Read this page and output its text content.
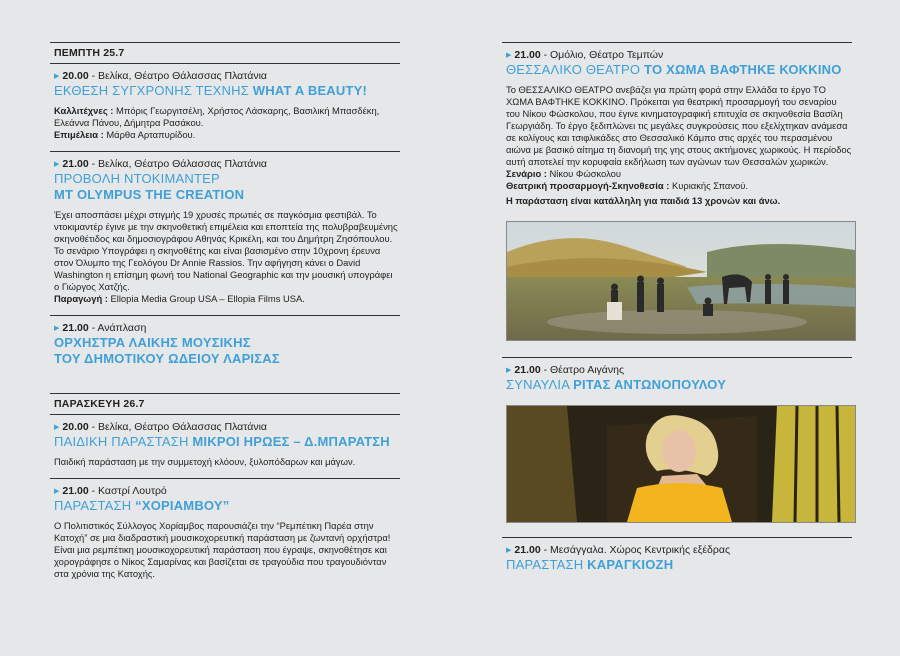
ΠΕΜΠΤΗ 25.7
▶ 20.00 - Βελίκα, Θέατρο Θάλασσας Πλατάνια
ΕΚΘΕΣΗ ΣΥΓΧΡΟΝΗΣ ΤΕΧΝΗΣ WHAT A BEAUTY!

Καλλιτέχνες : Μπόρις Γεωργιτσέλη, Χρήστος Λάσκαρης, Βασιλική Μπασδέκη, Ελεάννα Πάνου, Δήμητρα Ρασάκου.

Επιμέλεια : Μάρθα Αρταπυρίδου.

▶ 21.00 - Βελίκα, Θέατρο Θάλασσας Πλατάνια
ΠΡΟΒΟΛΗ ΝΤΟΚΙΜΑΝΤΕΡ
MT OLYMPUS THE CREATION

Έχει αποσπάσει μέχρι στιγμής 19 χρυσές πρωτιές σε παγκόσμια φεστιβάλ. Το ντοκιμαντέρ έγινε με την σκηνοθετική επιμέλεια και εποπτεία της πολυβραβευμένης σκηνοθέτιδος και δημοσιογράφου Αθηνάς Κρικέλη, και του Δημήτρη Ζησόπουλου. Το σενάριο Υπογράφει η σκηνοθέτης και είναι βασισμένο στην 10χρονη έρευνα στον Όλυμπο της Γεολόγου Dr Annie Rassios. Την αφήγηση κάνει ο David Washington η επίσημη φωνή του National Geographic και την μουσική υπογράφει ο Γιώργος Χατζής.

Παραγωγή : Ellopia Media Group USA – Ellopia Films USA.

▶ 21.00 - Ανάπλαση
ΟΡΧΗΣΤΡΑ ΛΑΙΚΗΣ ΜΟΥΣΙΚΗΣ
ΤΟΥ ΔΗΜΟΤΙΚΟΥ ΩΔΕΙΟΥ ΛΑΡΙΣΑΣ
ΠΑΡΑΣΚΕΥΗ 26.7
▶ 20.00 - Βελίκα, Θέατρο Θάλασσας Πλατάνια
ΠΑΙΔΙΚΗ ΠΑΡΑΣΤΑΣΗ ΜΙΚΡΟΙ ΗΡΩΕΣ – Δ.ΜΠΑΡΑΤΣΗ

Παιδική παράσταση με την συμμετοχή κλόουν, ξυλοπόδαρων και μάγων.

▶ 21.00 - Καστρί Λουτρό
ΠΑΡΑΣΤΑΣΗ “ΧΟΡΙΑΜΒΟΥ”

Ο Πολιτιστικός Σύλλογος Χορίαμβος παρουσιάζει την “Ρεμπέτικη Παρέα στην Κατοχή” σε μια διαδραστική μουσικοχορευτική παράσταση με ζωντανή ορχήστρα! Είναι μια ρεμπέτικη μουσικοχορευτική παράσταση που έγραψε, σκηνοθέτησε και χορογράφησε ο Νίκος Σαμαρίνας και βασίζεται σε τραγούδια που τραγουδιόνταν στα χρόνια της Κατοχής.

▶ 21.00 - Ομόλιο, Θέατρο Τεμπών
ΘΕΣΣΑΛΙΚΟ ΘΕΑΤΡΟ ΤΟ ΧΩΜΑ ΒΑΦΤΗΚΕ ΚΟΚΚΙΝΟ

Το ΘΕΣΣΑΛΙΚΟ ΘΕΑΤΡΟ ανεβάζει για πρώτη φορά στην Ελλάδα το έργο ΤΟ ΧΩΜΑ ΒΑΦΤΗΚΕ ΚΟΚΚΙΝΟ. Πρόκειται για θεατρική προσαρμογή του σεναρίου του Νίκου Φώσκολου, που έγινε κινηματογραφική επιτυχία σε σκηνοθεσία Βασίλη Γεωργιάδη. Το έργο ξεδιπλώνει τις μεγάλες συγκρούσεις που εξελίχτηκαν ανάμεσα σε κολίγους και τσιφλικάδες στο Θεσσαλικό Κάμπο στις αρχές του περασμένου αιώνα με βασικό αίτημα τη διανομή της γης στους ακτήμονες χωρικούς. Η περίοδος αυτή αποτελεί την κορυφαία εκδήλωση των αγώνων των Θεσσαλών χωρικών.

Σενάριο : Νίκου Φώσκολου

Θεατρική προσαρμογή-Σκηνοθεσία : Κυριακής Σπανού.

Η παράσταση είναι κατάλληλη για παιδιά 13 χρονών και άνω.

▶ 21.00 - Θέατρο Αιγάνης
ΣΥΝΑΥΛΙΑ ΡΙΤΑΣ ΑΝΤΩΝΟΠΟΥΛΟΥ
▶ 21.00 - Μεσάγγαλα. Χώρος Κεντρικής εξέδρας
ΠΑΡΑΣΤΑΣΗ ΚΑΡΑΓΚΙΟΖΗ
